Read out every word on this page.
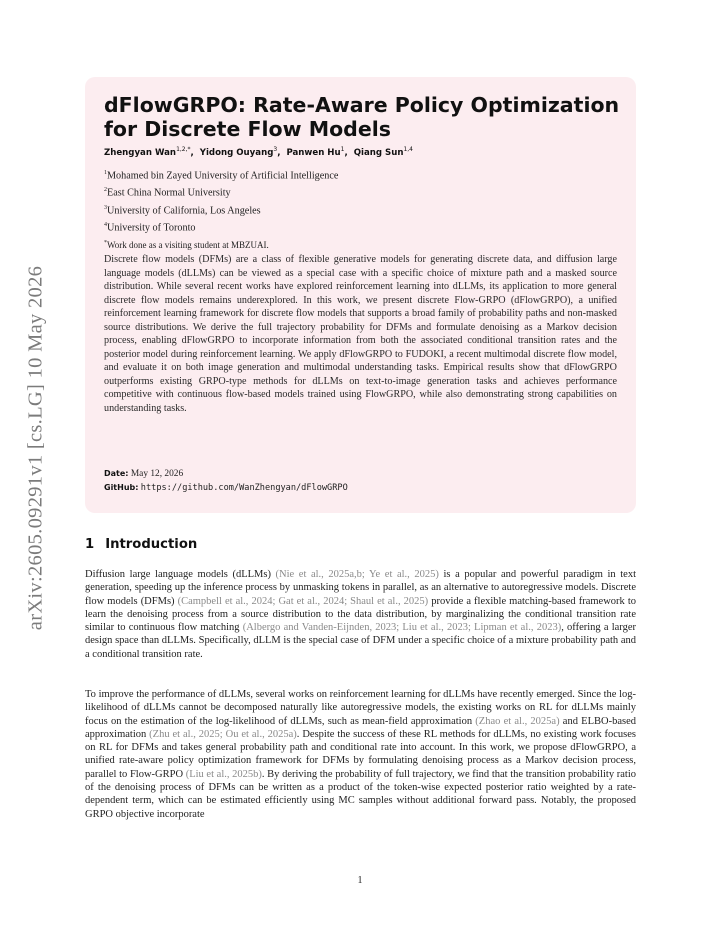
arXiv:2605.09291v1 [cs.LG] 10 May 2026
dFlowGRPO: Rate-Aware Policy Optimization for Discrete Flow Models
Zhengyan Wan$^{1,2,*}$,  Yidong Ouyang$^3$,  Panwen Hu$^1$,  Qiang Sun$^{1,4}$
$^1$Mohamed bin Zayed University of Artificial Intelligence
$^2$East China Normal University
$^3$University of California, Los Angeles
$^4$University of Toronto
*Work done as a visiting student at MBZUAI.

Discrete flow models (DFMs) are a class of flexible generative models for generating discrete data, and diffusion large language models (dLLMs) can be viewed as a special case with a specific choice of mixture path and a masked source distribution. While several recent works have explored reinforcement learning into dLLMs, its application to more general discrete flow models remains underexplored. In this work, we present discrete Flow-GRPO (dFlowGRPO), a unified reinforcement learning framework for discrete flow models that supports a broad family of probability paths and non-masked source distributions. We derive the full trajectory probability for DFMs and formulate denoising as a Markov decision process, enabling dFlowGRPO to incorporate information from both the associated conditional transition rates and the posterior model during reinforcement learning. We apply dFlowGRPO to FUDOKI, a recent multimodal discrete flow model, and evaluate it on both image generation and multimodal understanding tasks. Empirical results show that dFlowGRPO outperforms existing GRPO-type methods for dLLMs on text-to-image generation tasks and achieves performance competitive with continuous flow-based models trained using FlowGRPO, while also demonstrating strong capabilities on understanding tasks.

Date: May 12, 2026
GitHub: https://github.com/WanZhengyan/dFlowGRPO
1 Introduction

Diffusion large language models (dLLMs) (Nie et al., 2025a,b; Ye et al., 2025) is a popular and powerful paradigm in text generation, speeding up the inference process by unmasking tokens in parallel, as an alternative to autoregressive models. Discrete flow models (DFMs) (Campbell et al., 2024; Gat et al., 2024; Shaul et al., 2025) provide a flexible matching-based framework to learn the denoising process from a source distribution to the data distribution, by marginalizing the conditional transition rate similar to continuous flow matching (Albergo and Vanden-Eijnden, 2023; Liu et al., 2023; Lipman et al., 2023), offering a larger design space than dLLMs. Specifically, dLLM is the special case of DFM under a specific choice of a mixture probability path and a conditional transition rate.

To improve the performance of dLLMs, several works on reinforcement learning for dLLMs have recently emerged. Since the log-likelihood of dLLMs cannot be decomposed naturally like autoregressive models, the existing works on RL for dLLMs mainly focus on the estimation of the log-likelihood of dLLMs, such as mean-field approximation (Zhao et al., 2025a) and ELBO-based approximation (Zhu et al., 2025; Ou et al., 2025a). Despite the success of these RL methods for dLLMs, no existing work focuses on RL for DFMs and takes general probability path and conditional rate into account. In this work, we propose dFlowGRPO, a unified rate-aware policy optimization framework for DFMs by formulating denoising process as a Markov decision process, parallel to Flow-GRPO (Liu et al., 2025b). By deriving the probability of full trajectory, we find that the transition probability ratio of the denoising process of DFMs can be written as a product of the token-wise expected posterior ratio weighted by a rate-dependent term, which can be estimated efficiently using MC samples without additional forward pass. Notably, the proposed GRPO objective incorporate

1
